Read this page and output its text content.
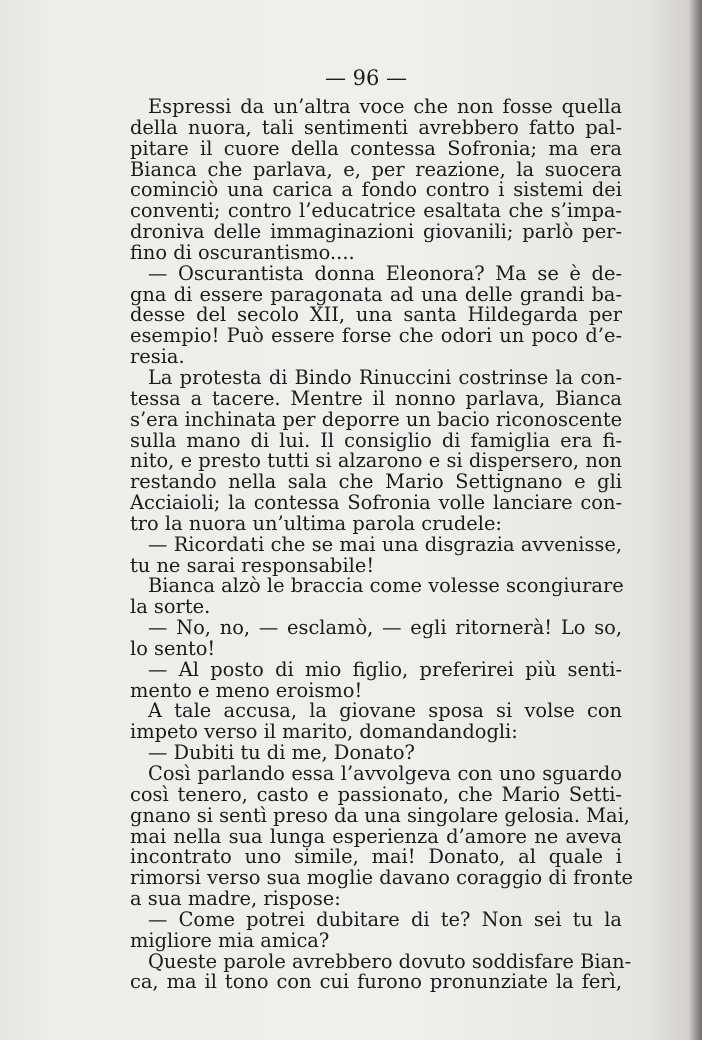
— 96 —
Espressi da un’altra voce che non fosse quella
della nuora, tali sentimenti avrebbero fatto pal-
pitare il cuore della contessa Sofronia; ma era
Bianca che parlava, e, per reazione, la suocera
cominciò una carica a fondo contro i sistemi dei
conventi; contro l’educatrice esaltata che s’impa-
droniva delle immaginazioni giovanili; parlò per-
fino di oscurantismo....
— Oscurantista donna Eleonora? Ma se è de-
gna di essere paragonata ad una delle grandi ba-
desse del secolo XII, una santa Hildegarda per
esempio! Può essere forse che odori un poco d’e-
resia.
La protesta di Bindo Rinuccini costrinse la con-
tessa a tacere. Mentre il nonno parlava, Bianca
s’era inchinata per deporre un bacio riconoscente
sulla mano di lui. Il consiglio di famiglia era fi-
nito, e presto tutti si alzarono e si dispersero, non
restando nella sala che Mario Settignano e gli
Acciaioli; la contessa Sofronia volle lanciare con-
tro la nuora un’ultima parola crudele:
— Ricordati che se mai una disgrazia avvenisse,
tu ne sarai responsabile!
Bianca alzò le braccia come volesse scongiurare
la sorte.
— No, no, — esclamò, — egli ritornerà! Lo so,
lo sento!
— Al posto di mio figlio, preferirei più senti-
mento e meno eroismo!
A tale accusa, la giovane sposa si volse con
impeto verso il marito, domandandogli:
— Dubiti tu di me, Donato?
Così parlando essa l’avvolgeva con uno sguardo
così tenero, casto e passionato, che Mario Setti-
gnano si sentì preso da una singolare gelosia. Mai,
mai nella sua lunga esperienza d’amore ne aveva
incontrato uno simile, mai! Donato, al quale i
rimorsi verso sua moglie davano coraggio di fronte
a sua madre, rispose:
— Come potrei dubitare di te? Non sei tu la
migliore mia amica?
Queste parole avrebbero dovuto soddisfare Bian-
ca, ma il tono con cui furono pronunziate la ferì,
